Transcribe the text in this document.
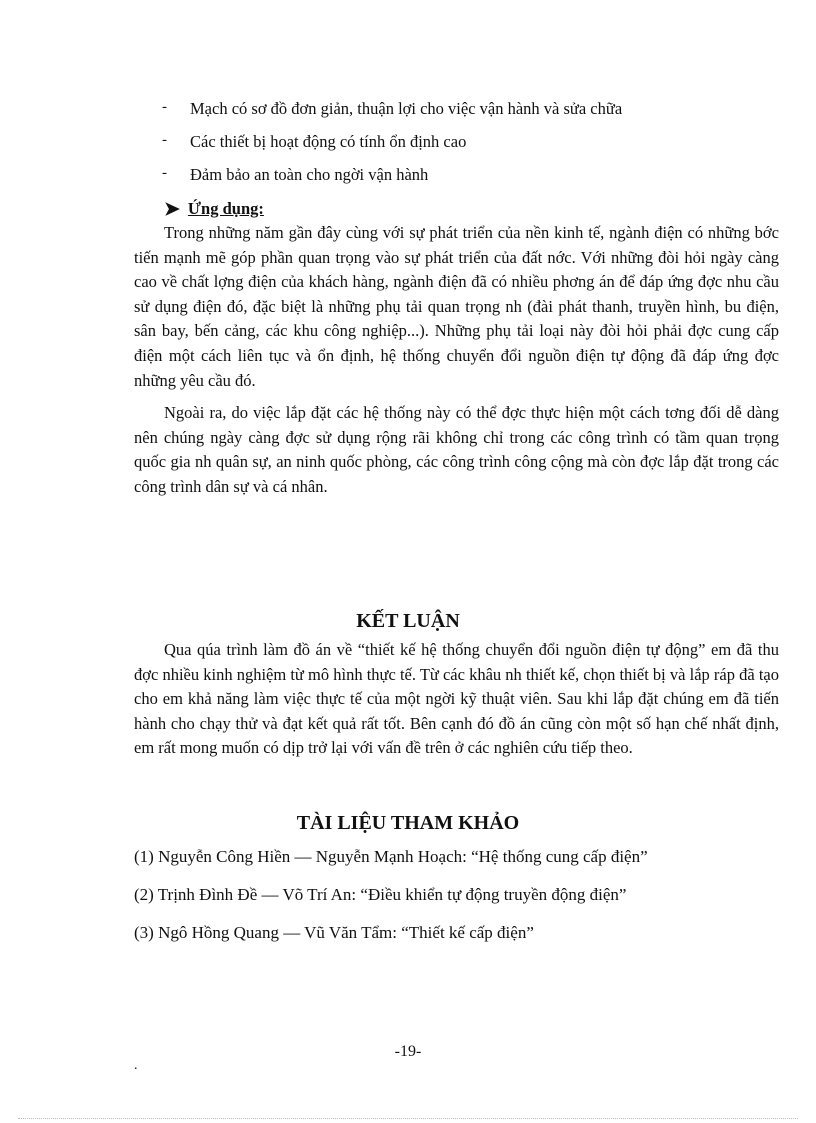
- Mạch có sơ đồ đơn giản, thuận lợi cho việc vận hành và sửa chữa
- Các thiết bị hoạt động có tính ổn định cao
- Đảm bảo an toàn cho ngời vận hành
➤ Ứng dụng:

Trong những năm gần đây cùng với sự phát triển của nền kinh tế, ngành điện có những bớc tiến mạnh mẽ góp phần quan trọng vào sự phát triển của đất nớc. Với những đòi hỏi ngày càng cao về chất lợng điện của khách hàng, ngành điện đã có nhiều phơng án để đáp ứng đợc nhu cầu sử dụng điện đó, đặc biệt là những phụ tải quan trọng nh (đài phát thanh, truyền hình, bu điện, sân bay, bến cảng, các khu công nghiệp...). Những phụ tải loại này đòi hỏi phải đợc cung cấp điện một cách liên tục và ổn định, hệ thống chuyển đổi nguồn điện tự động đã đáp ứng đợc những yêu cầu đó.

Ngoài ra, do việc lắp đặt các hệ thống này có thể đợc thực hiện một cách tơng đối dễ dàng nên chúng ngày càng đợc sử dụng rộng rãi không chỉ trong các công trình có tầm quan trọng quốc gia nh quân sự, an ninh quốc phòng, các công trình công cộng mà còn đợc lắp đặt trong các công trình dân sự và cá nhân.

KẾT LUẬN

Qua qúa trình làm đồ án về “thiết kế hệ thống chuyển đổi nguồn điện tự động” em đã thu đợc nhiều kinh nghiệm từ mô hình thực tế. Từ các khâu nh thiết kế, chọn thiết bị và lắp ráp đã tạo cho em khả năng làm việc thực tế của một ngời kỹ thuật viên. Sau khi lắp đặt chúng em đã tiến hành cho chạy thử và đạt kết quả rất tốt. Bên cạnh đó đồ án cũng còn một số hạn chế nhất định, em rất mong muốn có dịp trở lại với vấn đề trên ở các nghiên cứu tiếp theo.

TÀI LIỆU THAM KHẢO
(1) Nguyễn Công Hiền — Nguyễn Mạnh Hoạch: “Hệ thống cung cấp điện”
(2) Trịnh Đình Đề — Võ Trí An: “Điều khiển tự động truyền động điện”
(3) Ngô Hồng Quang — Vũ Văn Tẩm: “Thiết kế cấp điện”
-19-
.
